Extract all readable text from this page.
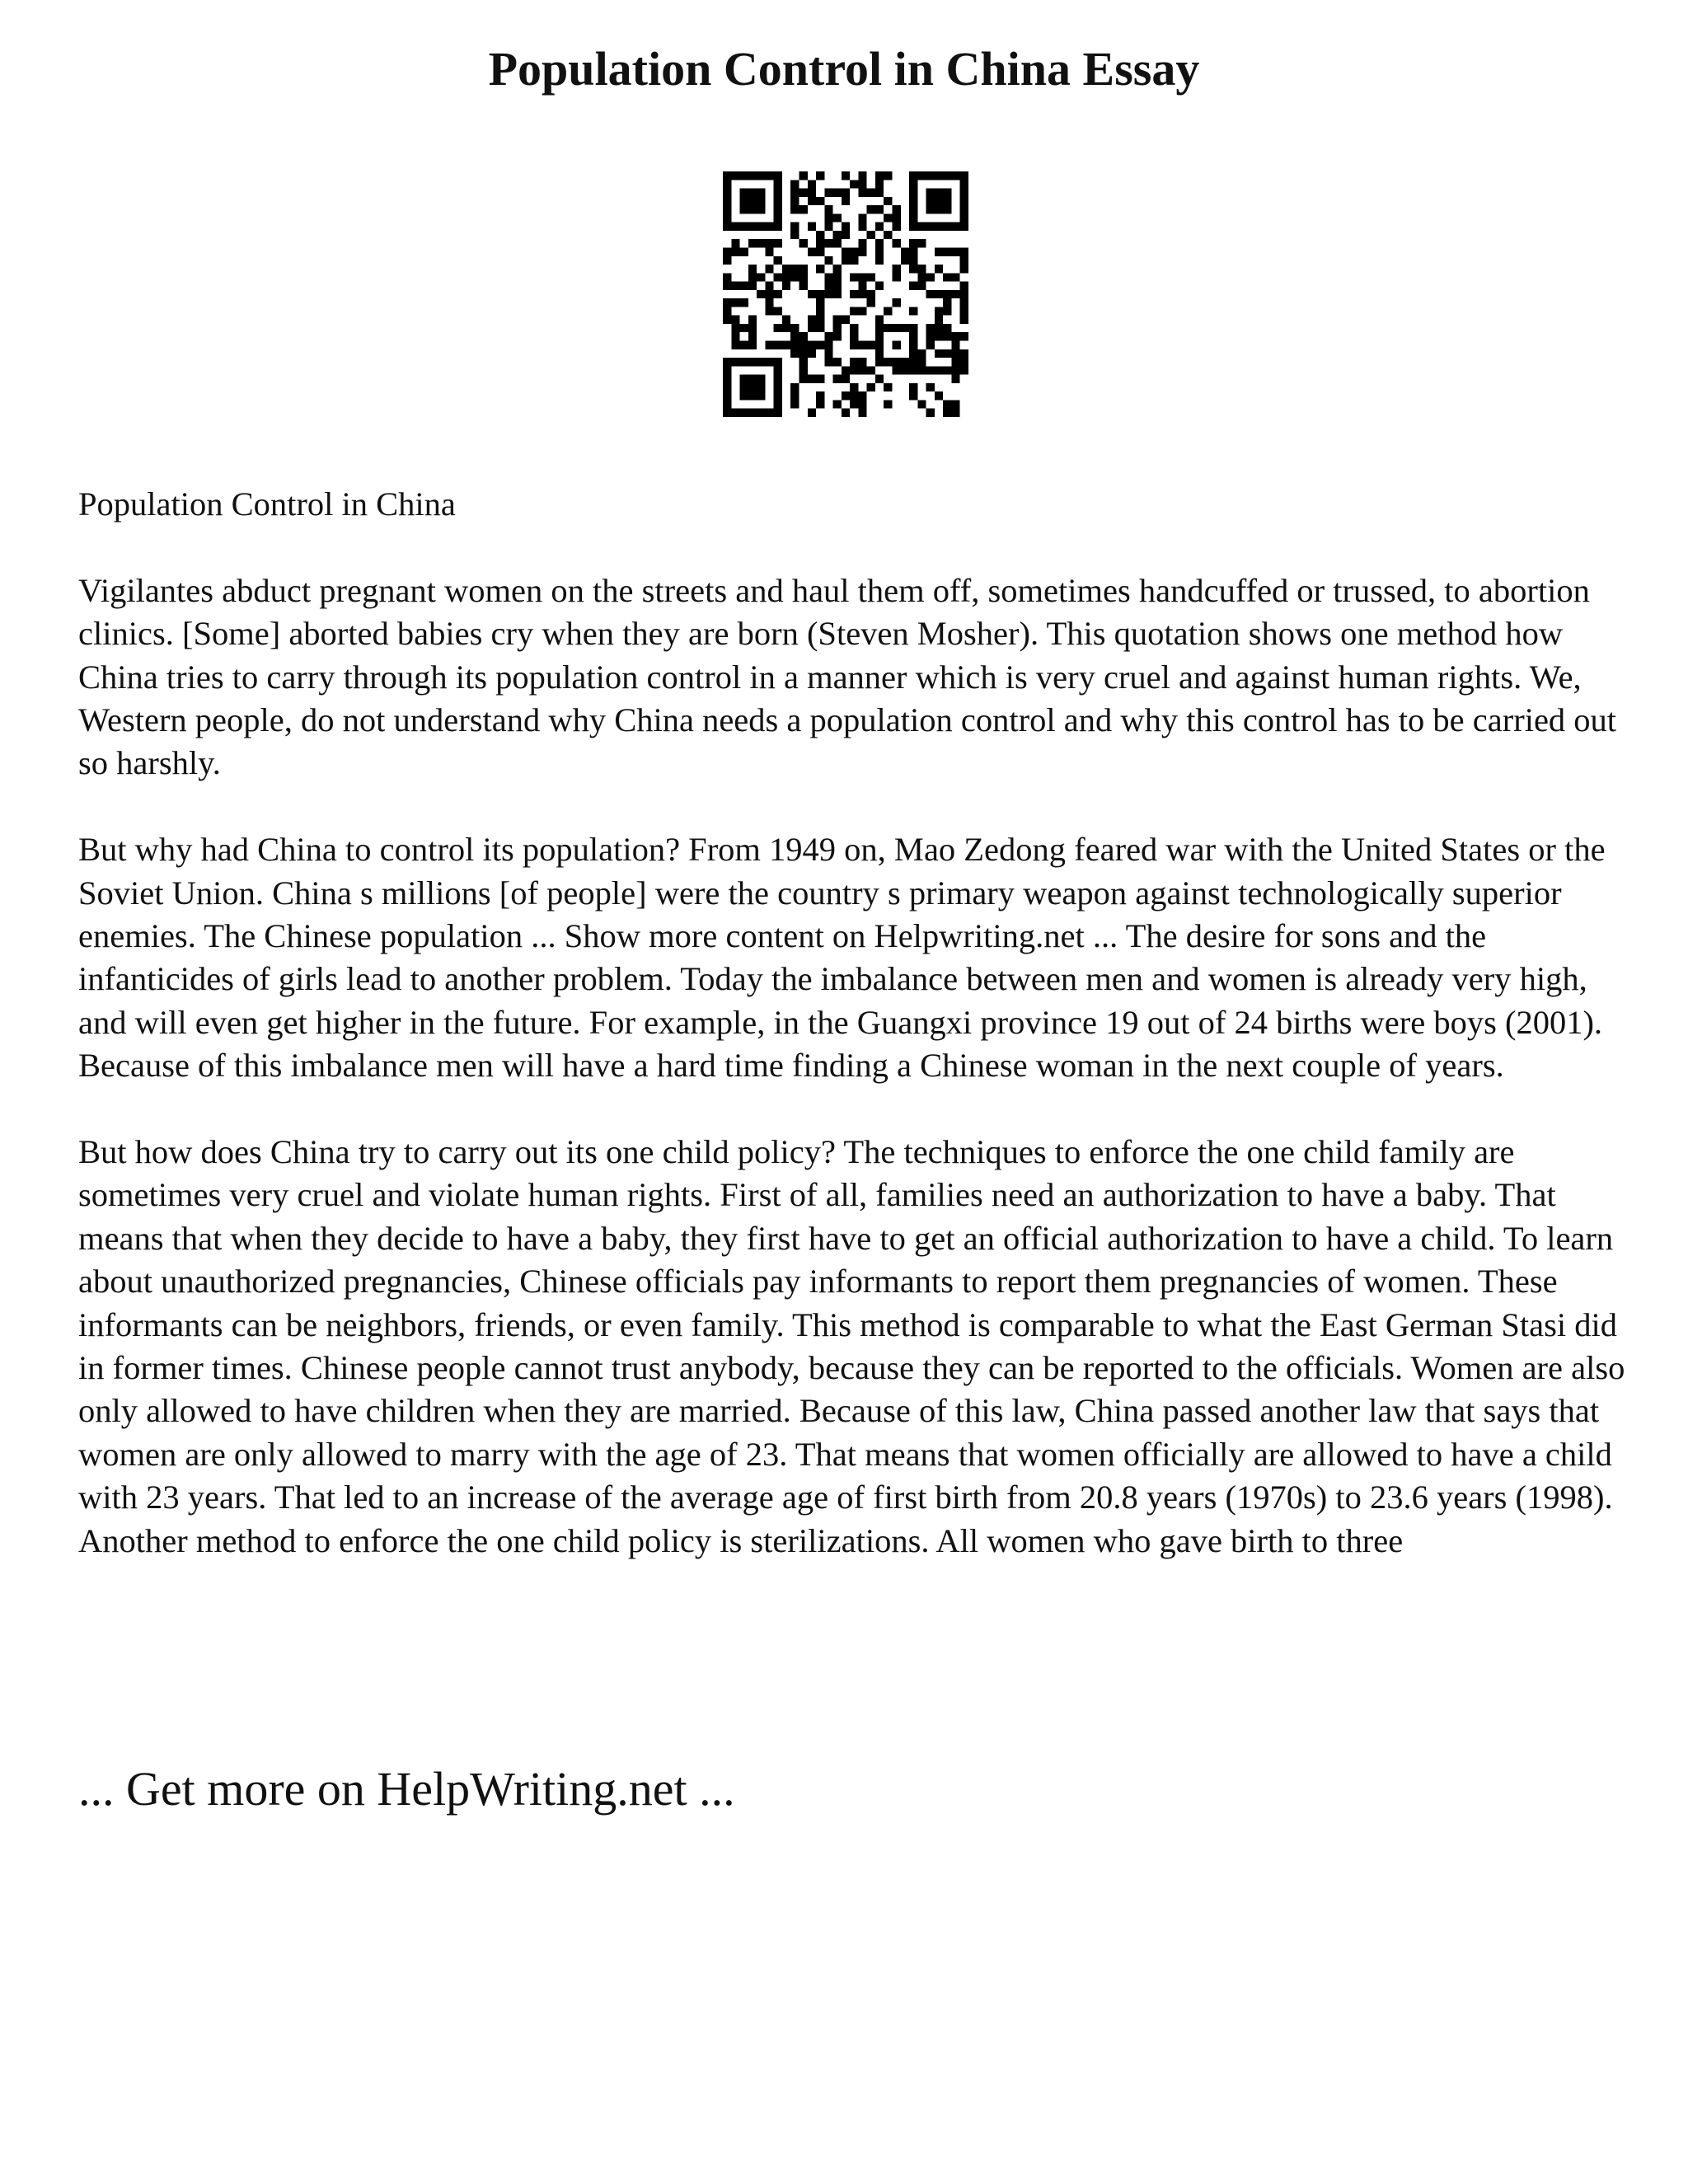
Population Control in China Essay

Population Control in China

Vigilantes abduct pregnant women on the streets and haul them off, sometimes handcuffed or trussed, to abortion clinics. [Some] aborted babies cry when they are born (Steven Mosher). This quotation shows one method how China tries to carry through its population control in a manner which is very cruel and against human rights. We, Western people, do not understand why China needs a population control and why this control has to be carried out so harshly.

But why had China to control its population? From 1949 on, Mao Zedong feared war with the United States or the Soviet Union. China s millions [of people] were the country s primary weapon against technologically superior enemies. The Chinese population ... Show more content on Helpwriting.net ... The desire for sons and the infanticides of girls lead to another problem. Today the imbalance between men and women is already very high, and will even get higher in the future. For example, in the Guangxi province 19 out of 24 births were boys (2001). Because of this imbalance men will have a hard time finding a Chinese woman in the next couple of years.

But how does China try to carry out its one child policy? The techniques to enforce the one child family are sometimes very cruel and violate human rights. First of all, families need an authorization to have a baby. That means that when they decide to have a baby, they first have to get an official authorization to have a child. To learn about unauthorized pregnancies, Chinese officials pay informants to report them pregnancies of women. These informants can be neighbors, friends, or even family. This method is comparable to what the East German Stasi did in former times. Chinese people cannot trust anybody, because they can be reported to the officials. Women are also only allowed to have children when they are married. Because of this law, China passed another law that says that women are only allowed to marry with the age of 23. That means that women officially are allowed to have a child with 23 years. That led to an increase of the average age of first birth from 20.8 years (1970s) to 23.6 years (1998). Another method to enforce the one child policy is sterilizations. All women who gave birth to three

... Get more on HelpWriting.net ...
